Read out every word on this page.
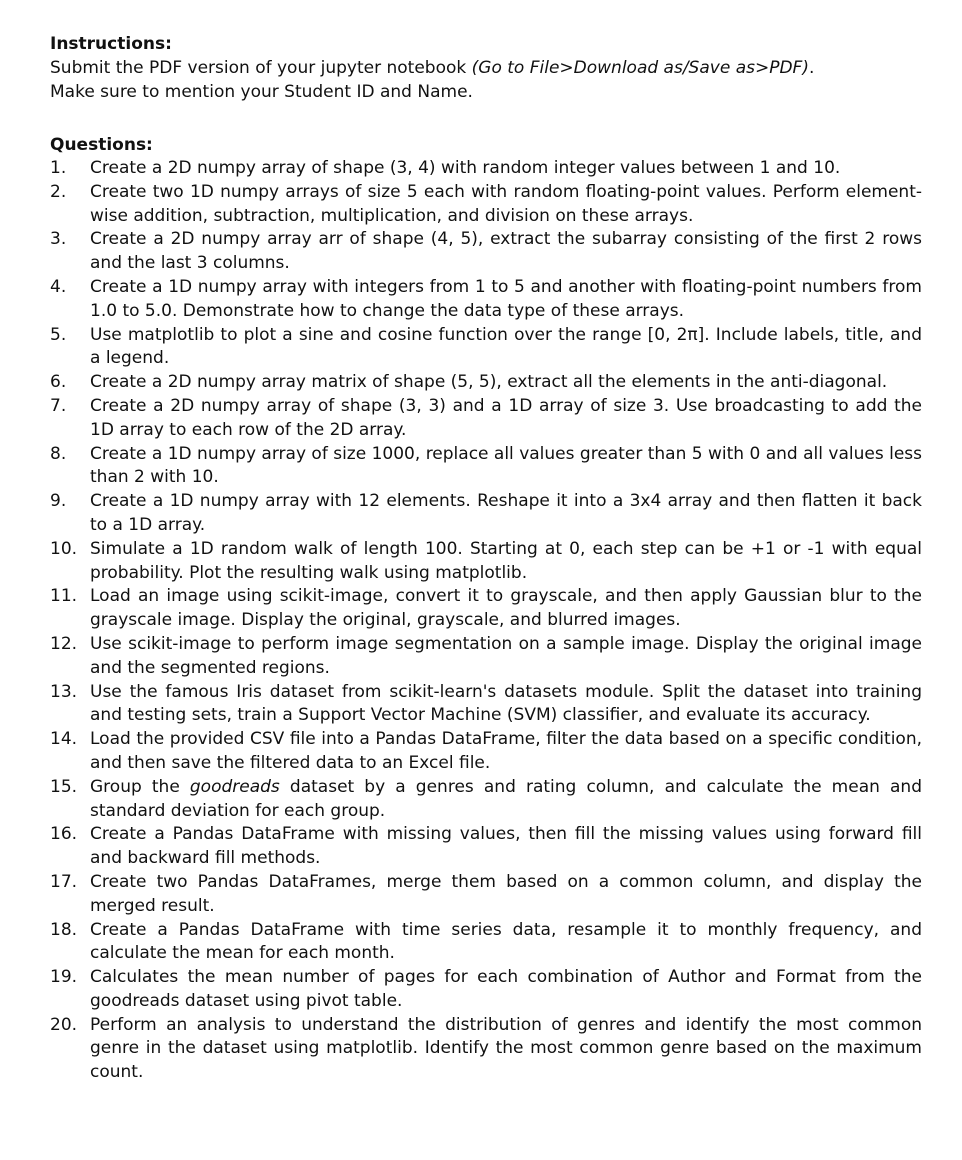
Instructions:

Submit the PDF version of your jupyter notebook (Go to File>Download as/Save as>PDF).

Make sure to mention your Student ID and Name.

Questions:

1.	Create a 2D numpy array of shape (3, 4) with random integer values between 1 and 10.
2.	Create two 1D numpy arrays of size 5 each with random floating-point values. Perform element-wise addition, subtraction, multiplication, and division on these arrays.
3.	Create a 2D numpy array arr of shape (4, 5), extract the subarray consisting of the first 2 rows and the last 3 columns.
4.	Create a 1D numpy array with integers from 1 to 5 and another with floating-point numbers from 1.0 to 5.0. Demonstrate how to change the data type of these arrays.
5.	Use matplotlib to plot a sine and cosine function over the range [0, 2π]. Include labels, title, and a legend.
6.	Create a 2D numpy array matrix of shape (5, 5), extract all the elements in the anti-diagonal.
7.	Create a 2D numpy array of shape (3, 3) and a 1D array of size 3. Use broadcasting to add the 1D array to each row of the 2D array.
8.	Create a 1D numpy array of size 1000, replace all values greater than 5 with 0 and all values less than 2 with 10.
9.	Create a 1D numpy array with 12 elements. Reshape it into a 3x4 array and then flatten it back to a 1D array.
10. Simulate a 1D random walk of length 100. Starting at 0, each step can be +1 or -1 with equal probability. Plot the resulting walk using matplotlib.
11. Load an image using scikit-image, convert it to grayscale, and then apply Gaussian blur to the grayscale image. Display the original, grayscale, and blurred images.
12. Use scikit-image to perform image segmentation on a sample image. Display the original image and the segmented regions.
13. Use the famous Iris dataset from scikit-learn's datasets module. Split the dataset into training and testing sets, train a Support Vector Machine (SVM) classifier, and evaluate its accuracy.
14. Load the provided CSV file into a Pandas DataFrame, filter the data based on a specific condition, and then save the filtered data to an Excel file.
15. Group the goodreads dataset by a genres and rating column, and calculate the mean and standard deviation for each group.
16. Create a Pandas DataFrame with missing values, then fill the missing values using forward fill and backward fill methods.
17. Create two Pandas DataFrames, merge them based on a common column, and display the merged result.
18. Create a Pandas DataFrame with time series data, resample it to monthly frequency, and calculate the mean for each month.
19. Calculates the mean number of pages for each combination of Author and Format from the goodreads dataset using pivot table.
20. Perform an analysis to understand the distribution of genres and identify the most common genre in the dataset using matplotlib. Identify the most common genre based on the maximum count.
